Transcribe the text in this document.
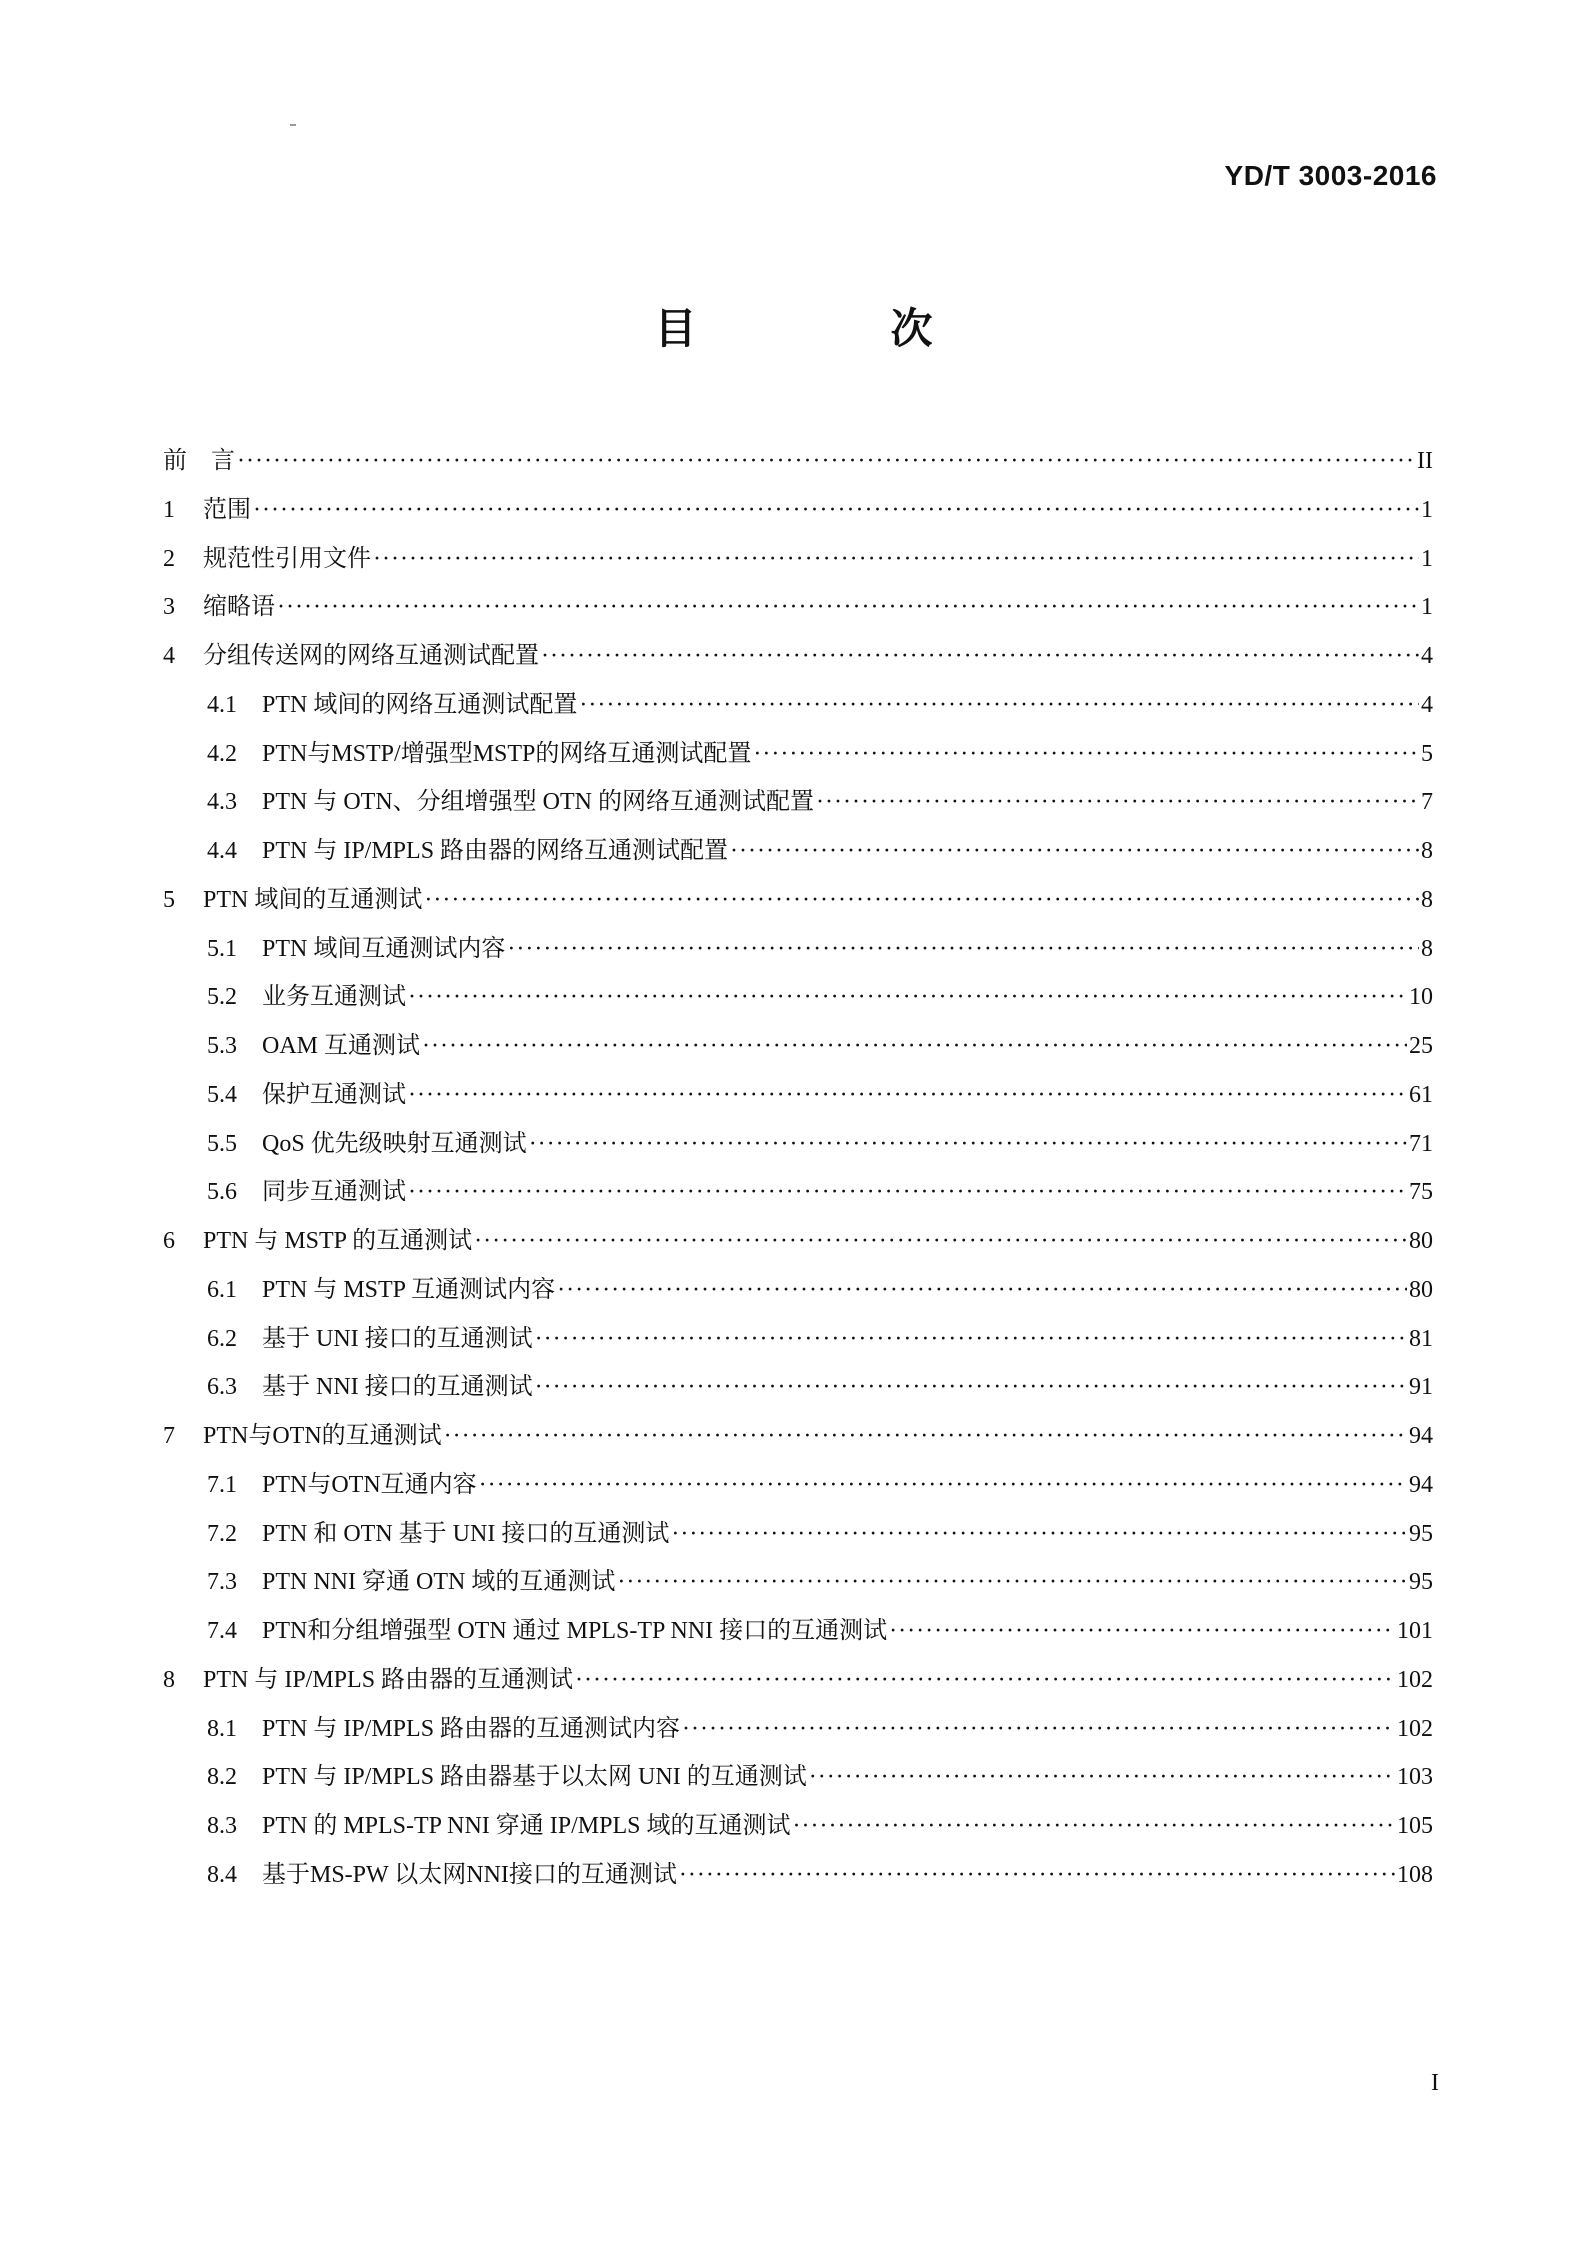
YD/T 3003-2016
目　次
前　言 ·····	II
1	范围 ·····	1
2	规范性引用文件 ·····	1
3	缩略语 ·····	1
4	分组传送网的网络互通测试配置 ·····	4
4.1	PTN 域间的网络互通测试配置 ·····	4
4.2	PTN与MSTP/增强型MSTP的网络互通测试配置 ·····	5
4.3	PTN 与 OTN、分组增强型 OTN 的网络互通测试配置 ·····	7
4.4	PTN 与 IP/MPLS 路由器的网络互通测试配置 ·····	8
5	PTN 域间的互通测试 ·····	8
5.1	PTN 域间互通测试内容 ·····	8
5.2	业务互通测试 ·····	10
5.3	OAM 互通测试 ·····	25
5.4	保护互通测试 ·····	61
5.5	QoS 优先级映射互通测试 ·····	71
5.6	同步互通测试 ·····	75
6	PTN 与 MSTP 的互通测试 ·····	80
6.1	PTN 与 MSTP 互通测试内容 ·····	80
6.2	基于 UNI 接口的互通测试 ·····	81
6.3	基于 NNI 接口的互通测试 ·····	91
7	PTN与OTN的互通测试 ·····	94
7.1	PTN与OTN互通内容 ·····	94
7.2	PTN 和 OTN 基于 UNI 接口的互通测试 ·····	95
7.3	PTN NNI 穿通 OTN 域的互通测试 ·····	95
7.4	PTN和分组增强型 OTN 通过 MPLS-TP NNI 接口的互通测试 ·····	101
8	PTN 与 IP/MPLS 路由器的互通测试 ·····	102
8.1	PTN 与 IP/MPLS 路由器的互通测试内容 ·····	102
8.2	PTN 与 IP/MPLS 路由器基于以太网 UNI 的互通测试 ·····	103
8.3	PTN 的 MPLS-TP NNI 穿通 IP/MPLS 域的互通测试 ·····	105
8.4	基于MS-PW 以太网NNI接口的互通测试 ·····	108
I
